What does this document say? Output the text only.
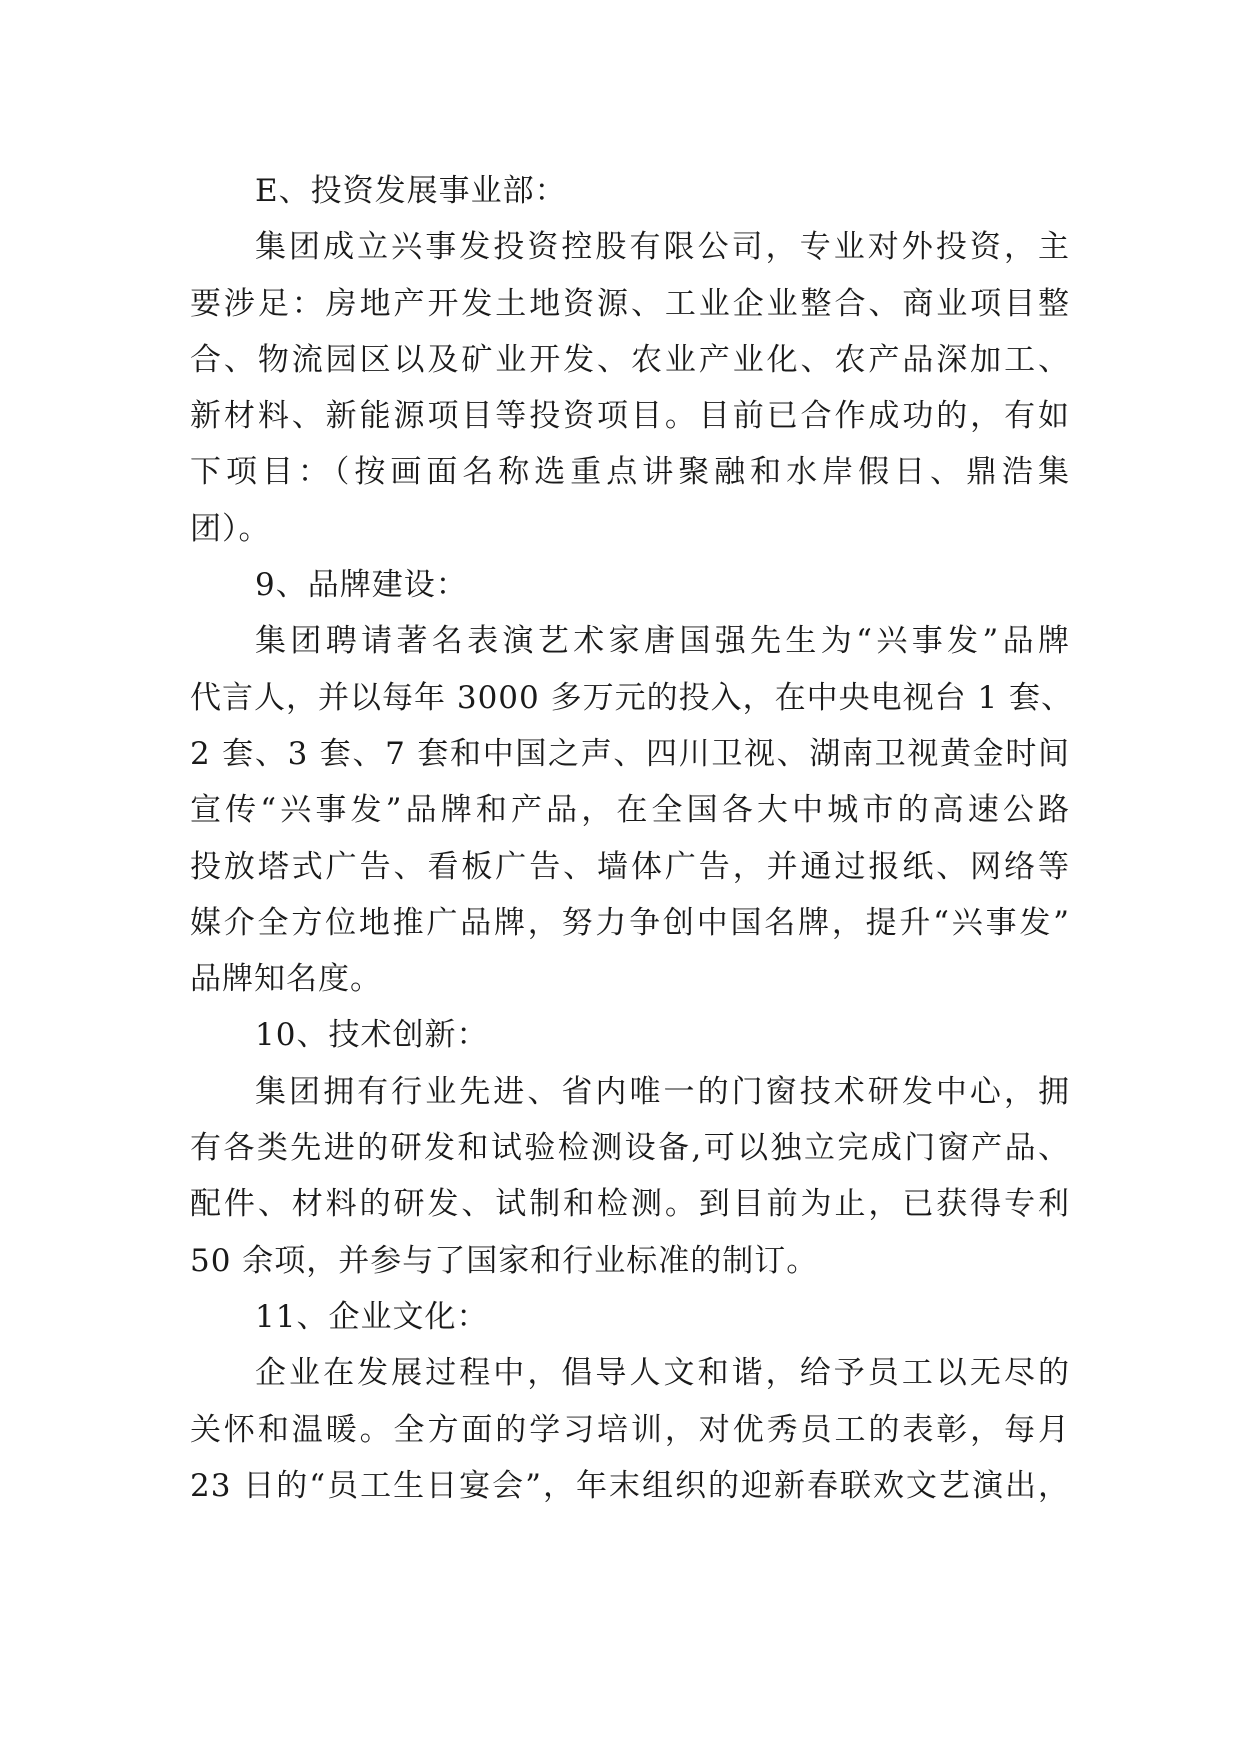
E、投资发展事业部：
集团成立兴事发投资控股有限公司，专业对外投资，主
要涉足：房地产开发土地资源、工业企业整合、商业项目整
合、物流园区以及矿业开发、农业产业化、农产品深加工、
新材料、新能源项目等投资项目。目前已合作成功的，有如
下项目：（按画面名称选重点讲聚融和水岸假日、鼎浩集
团）。
9、品牌建设：
集团聘请著名表演艺术家唐国强先生为“兴事发”品牌
代言人，并以每年 3000 多万元的投入，在中央电视台 1 套、
2 套、3 套、7 套和中国之声、四川卫视、湖南卫视黄金时间
宣传“兴事发”品牌和产品，在全国各大中城市的高速公路
投放塔式广告、看板广告、墙体广告，并通过报纸、网络等
媒介全方位地推广品牌，努力争创中国名牌，提升“兴事发”
品牌知名度。
10、技术创新：
集团拥有行业先进、省内唯一的门窗技术研发中心，拥
有各类先进的研发和试验检测设备,可以独立完成门窗产品、
配件、材料的研发、试制和检测。到目前为止，已获得专利
50 余项，并参与了国家和行业标准的制订。
11、企业文化：
企业在发展过程中，倡导人文和谐，给予员工以无尽的
关怀和温暖。全方面的学习培训，对优秀员工的表彰，每月
23 日的“员工生日宴会”，年末组织的迎新春联欢文艺演出，
